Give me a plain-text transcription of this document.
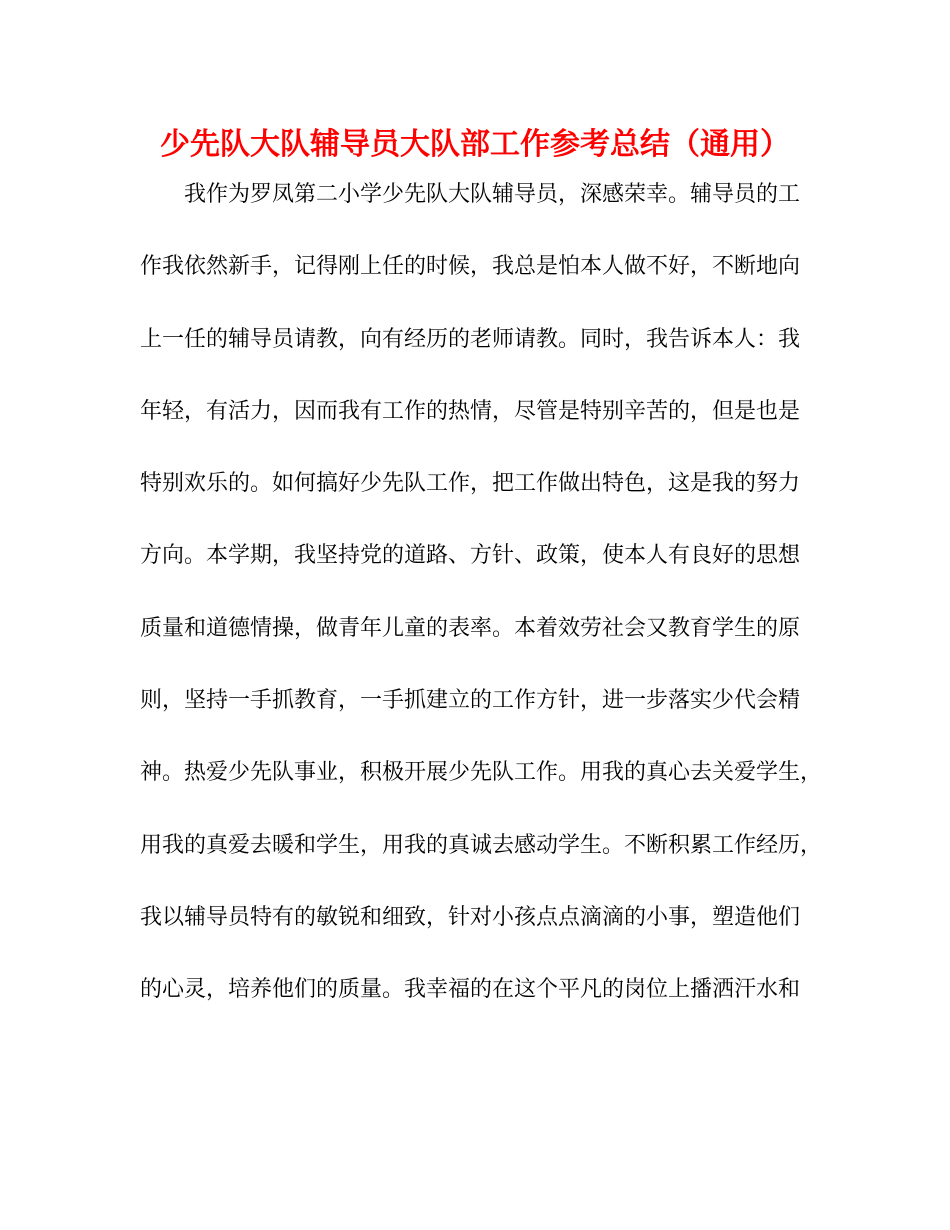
少先队大队辅导员大队部工作参考总结（通用）
我作为罗凤第二小学少先队大队辅导员，深感荣幸。辅导员的工
作我依然新手，记得刚上任的时候，我总是怕本人做不好，不断地向
上一任的辅导员请教，向有经历的老师请教。同时，我告诉本人：我
年轻，有活力，因而我有工作的热情，尽管是特别辛苦的，但是也是
特别欢乐的。如何搞好少先队工作，把工作做出特色，这是我的努力
方向。本学期，我坚持党的道路、方针、政策，使本人有良好的思想
质量和道德情操，做青年儿童的表率。本着效劳社会又教育学生的原
则，坚持一手抓教育，一手抓建立的工作方针，进一步落实少代会精
神。热爱少先队事业，积极开展少先队工作。用我的真心去关爱学生，
用我的真爱去暖和学生，用我的真诚去感动学生。不断积累工作经历，
我以辅导员特有的敏锐和细致，针对小孩点点滴滴的小事，塑造他们
的心灵，培养他们的质量。我幸福的在这个平凡的岗位上播洒汗水和
